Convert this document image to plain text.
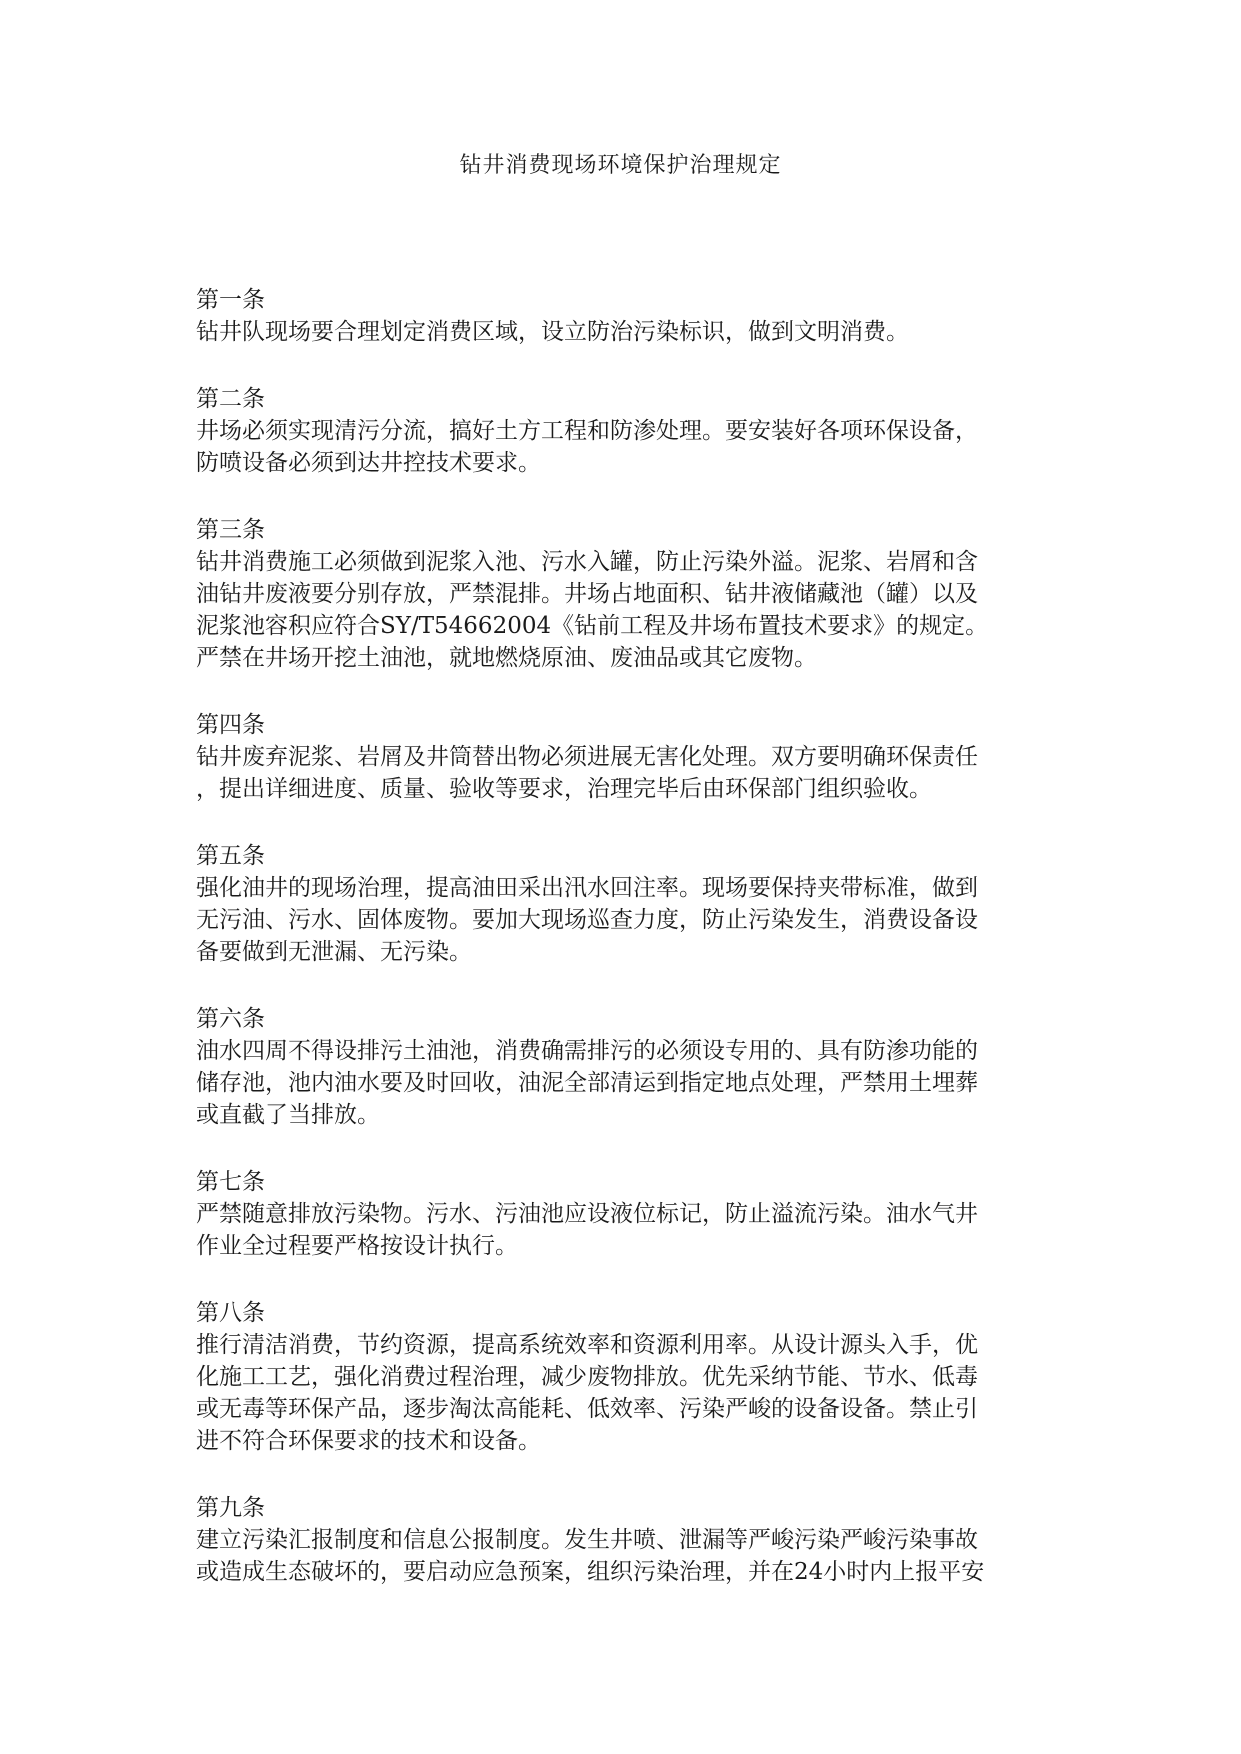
钻井消费现场环境保护治理规定

第一条

钻井队现场要合理划定消费区域，设立防治污染标识，做到文明消费。

第二条

井场必须实现清污分流，搞好土方工程和防渗处理。要安装好各项环保设备，
防喷设备必须到达井控技术要求。

第三条

钻井消费施工必须做到泥浆入池、污水入罐，防止污染外溢。泥浆、岩屑和含
油钻井废液要分别存放，严禁混排。井场占地面积、钻井液储藏池（罐）以及
泥浆池容积应符合SY/T54662004《钻前工程及井场布置技术要求》的规定。
严禁在井场开挖土油池，就地燃烧原油、废油品或其它废物。

第四条

钻井废弃泥浆、岩屑及井筒替出物必须进展无害化处理。双方要明确环保责任
，提出详细进度、质量、验收等要求，治理完毕后由环保部门组织验收。

第五条

强化油井的现场治理，提高油田采出汛水回注率。现场要保持夹带标准，做到
无污油、污水、固体废物。要加大现场巡查力度，防止污染发生，消费设备设
备要做到无泄漏、无污染。

第六条

油水四周不得设排污土油池，消费确需排污的必须设专用的、具有防渗功能的
储存池，池内油水要及时回收，油泥全部清运到指定地点处理，严禁用土埋葬
或直截了当排放。

第七条

严禁随意排放污染物。污水、污油池应设液位标记，防止溢流污染。油水气井
作业全过程要严格按设计执行。

第八条

推行清洁消费，节约资源，提高系统效率和资源利用率。从设计源头入手，优
化施工工艺，强化消费过程治理，减少废物排放。优先采纳节能、节水、低毒
或无毒等环保产品，逐步淘汰高能耗、低效率、污染严峻的设备设备。禁止引
进不符合环保要求的技术和设备。

第九条

建立污染汇报制度和信息公报制度。发生井喷、泄漏等严峻污染严峻污染事故
或造成生态破坏的，要启动应急预案，组织污染治理，并在24小时内上报平安
